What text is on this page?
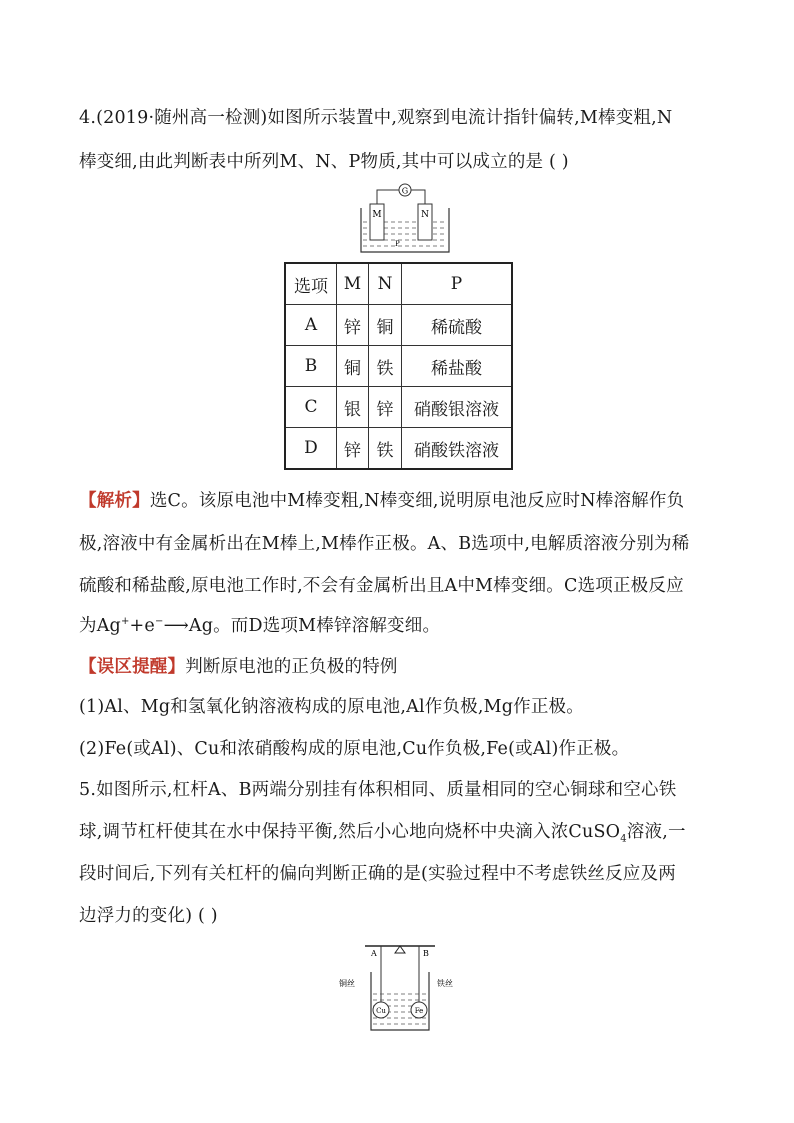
4.(2019·随州高一检测)如图所示装置中,观察到电流计指针偏转,M棒变粗,N
棒变细,由此判断表中所列M、N、P物质,其中可以成立的是 ( )
G
M	N
P
选项	M	N	P
A	锌	铜	稀硫酸
B	铜	铁	稀盐酸
C	银	锌	硝酸银溶液
D	锌	铁	硝酸铁溶液
【解析】选C。该原电池中M棒变粗,N棒变细,说明原电池反应时N棒溶解作负
极,溶液中有金属析出在M棒上,M棒作正极。A、B选项中,电解质溶液分别为稀
硫酸和稀盐酸,原电池工作时,不会有金属析出且A中M棒变细。C选项正极反应
为Ag++e−⟶Ag。而D选项M棒锌溶解变细。
【误区提醒】判断原电池的正负极的特例
(1)Al、Mg和氢氧化钠溶液构成的原电池,Al作负极,Mg作正极。
(2)Fe(或Al)、Cu和浓硝酸构成的原电池,Cu作负极,Fe(或Al)作正极。
5.如图所示,杠杆A、B两端分别挂有体积相同、质量相同的空心铜球和空心铁
球,调节杠杆使其在水中保持平衡,然后小心地向烧杯中央滴入浓CuSO$_4$溶液,一
段时间后,下列有关杠杆的偏向判断正确的是(实验过程中不考虑铁丝反应及两
边浮力的变化) ( )
A	B
铜丝	铁丝
Cu	Fe
